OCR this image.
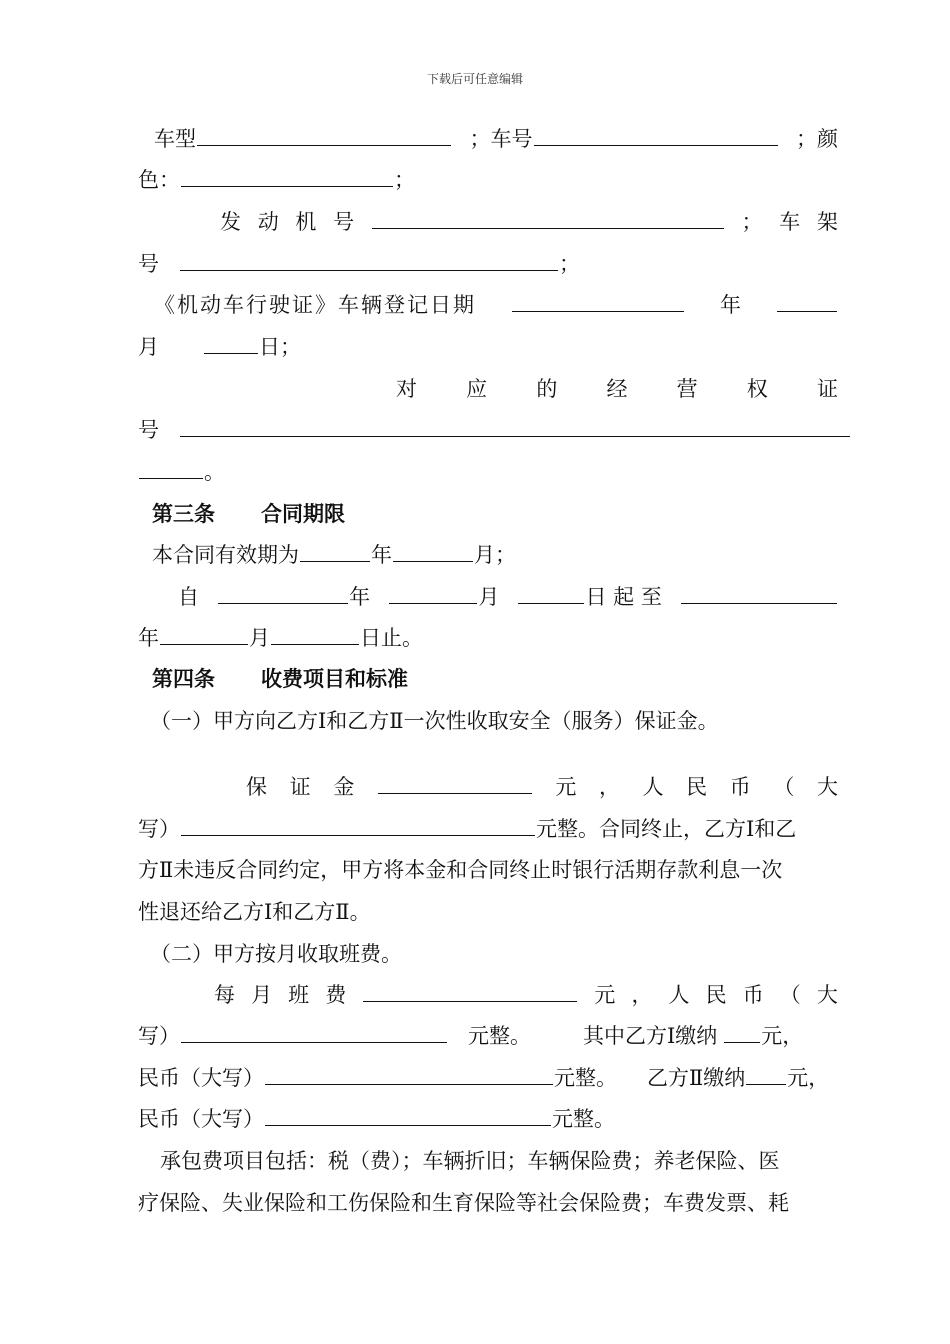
下载后可任意编辑
车型	；车号	；颜
色：	；
发 动 机 号	； 车 架
号	；
《机动车行驶证》车辆登记日期	年
月	日；
对 应 的 经 营 权 证
号
。
第三条 合同期限
本合同有效期为	年	月；
自	年	月	日 起 至
年	月	日止。
第四条 收费项目和标准
（一）甲方向乙方Ⅰ和乙方Ⅱ一次性收取安全（服务）保证金。
保 证 金	元 ， 人 民 币 （ 大
写）	元整。合同终止，乙方Ⅰ和乙
方Ⅱ未违反合同约定，甲方将本金和合同终止时银行活期存款利息一次
性退还给乙方Ⅰ和乙方Ⅱ。
（二）甲方按月收取班费。
每 月 班 费	元 ， 人 民 币 （ 大
写）	元整。 其中乙方Ⅰ缴纳 元，
民币（大写）	元整。 乙方Ⅱ缴纳 元，
民币（大写）	元整。
承包费项目包括：税（费）；车辆折旧；车辆保险费；养老保险、医
疗保险、失业保险和工伤保险和生育保险等社会保险费；车费发票、耗
